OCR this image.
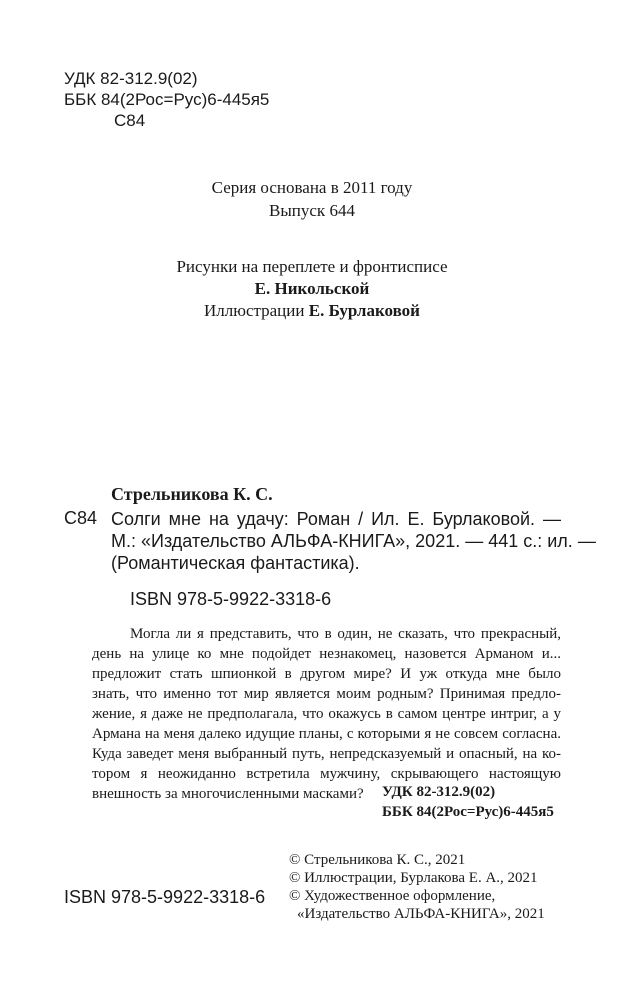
УДК 82-312.9(02)
ББК 84(2Рос=Рус)6-445я5
С84
Серия основана в 2011 году
Выпуск 644
Рисунки на переплете и фронтисписе
Е. Никольской
Иллюстрации Е. Бурлаковой
Стрельникова К. С.
С84 Солги мне на удачу: Роман / Ил. Е. Бурлаковой. —
М.: «Издательство АЛЬФА-КНИГА», 2021. — 441 с.: ил. —
(Романтическая фантастика).
ISBN 978-5-9922-3318-6
Могла ли я представить, что в один, не сказать, что прекрасный,
день на улице ко мне подойдет незнакомец, назовется Арманом и...
предложит стать шпионкой в другом мире? И уж откуда мне было
знать, что именно тот мир является моим родным? Принимая предло-
жение, я даже не предполагала, что окажусь в самом центре интриг, а у
Армана на меня далеко идущие планы, с которыми я не совсем согласна.
Куда заведет меня выбранный путь, непредсказуемый и опасный, на ко-
тором я неожиданно встретила мужчину, скрывающего настоящую
внешность за многочисленными масками?	УДК 82-312.9(02)
ББК 84(2Рос=Рус)6-445я5
© Стрельникова К. С., 2021
© Иллюстрации, Бурлакова Е. А., 2021
© Художественное оформление,
«Издательство АЛЬФА-КНИГА», 2021
ISBN 978-5-9922-3318-6
